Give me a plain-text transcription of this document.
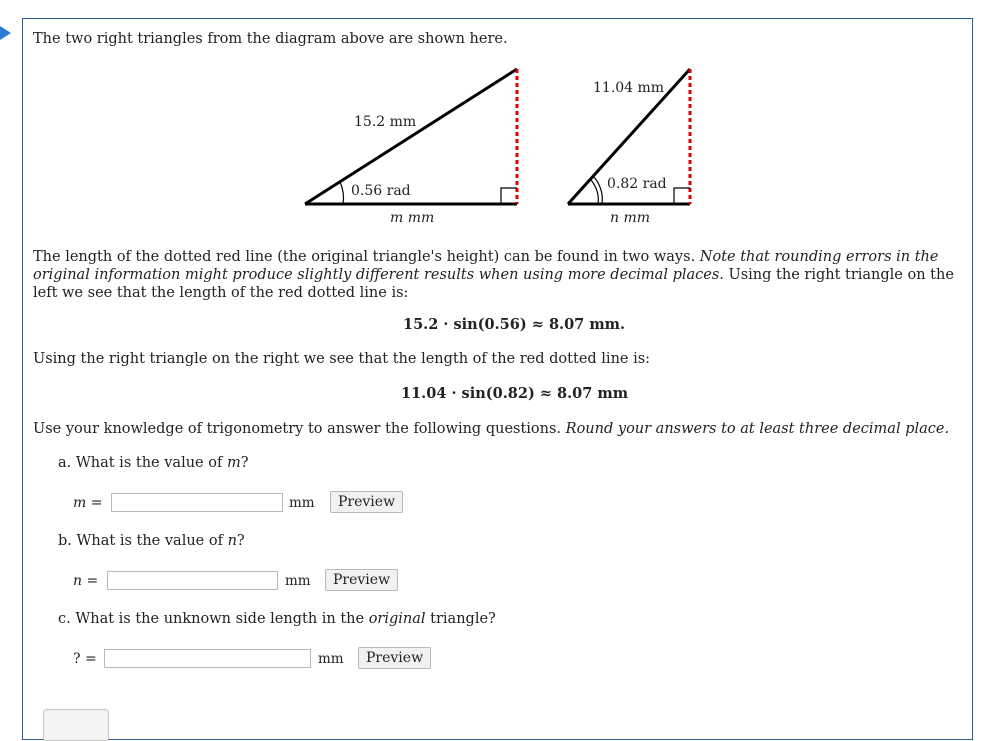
The two right triangles from the diagram above are shown here.
15.2 mm
0.56 rad
m mm
11.04 mm
0.82 rad
n mm
The length of the dotted red line (the original triangle's height) can be found in two ways. Note that rounding errors in the original information might produce slightly different results when using more decimal places. Using the right triangle on the left we see that the length of the red dotted line is:
15.2 · sin(0.56) ≈ 8.07 mm.
Using the right triangle on the right we see that the length of the red dotted line is:
11.04 · sin(0.82) ≈ 8.07 mm
Use your knowledge of trigonometry to answer the following questions. Round your answers to at least three decimal place.
a. What is the value of m?
m =	mm	Preview
b. What is the value of n?
n =	mm	Preview
c. What is the unknown side length in the original triangle?
? =	mm	Preview
